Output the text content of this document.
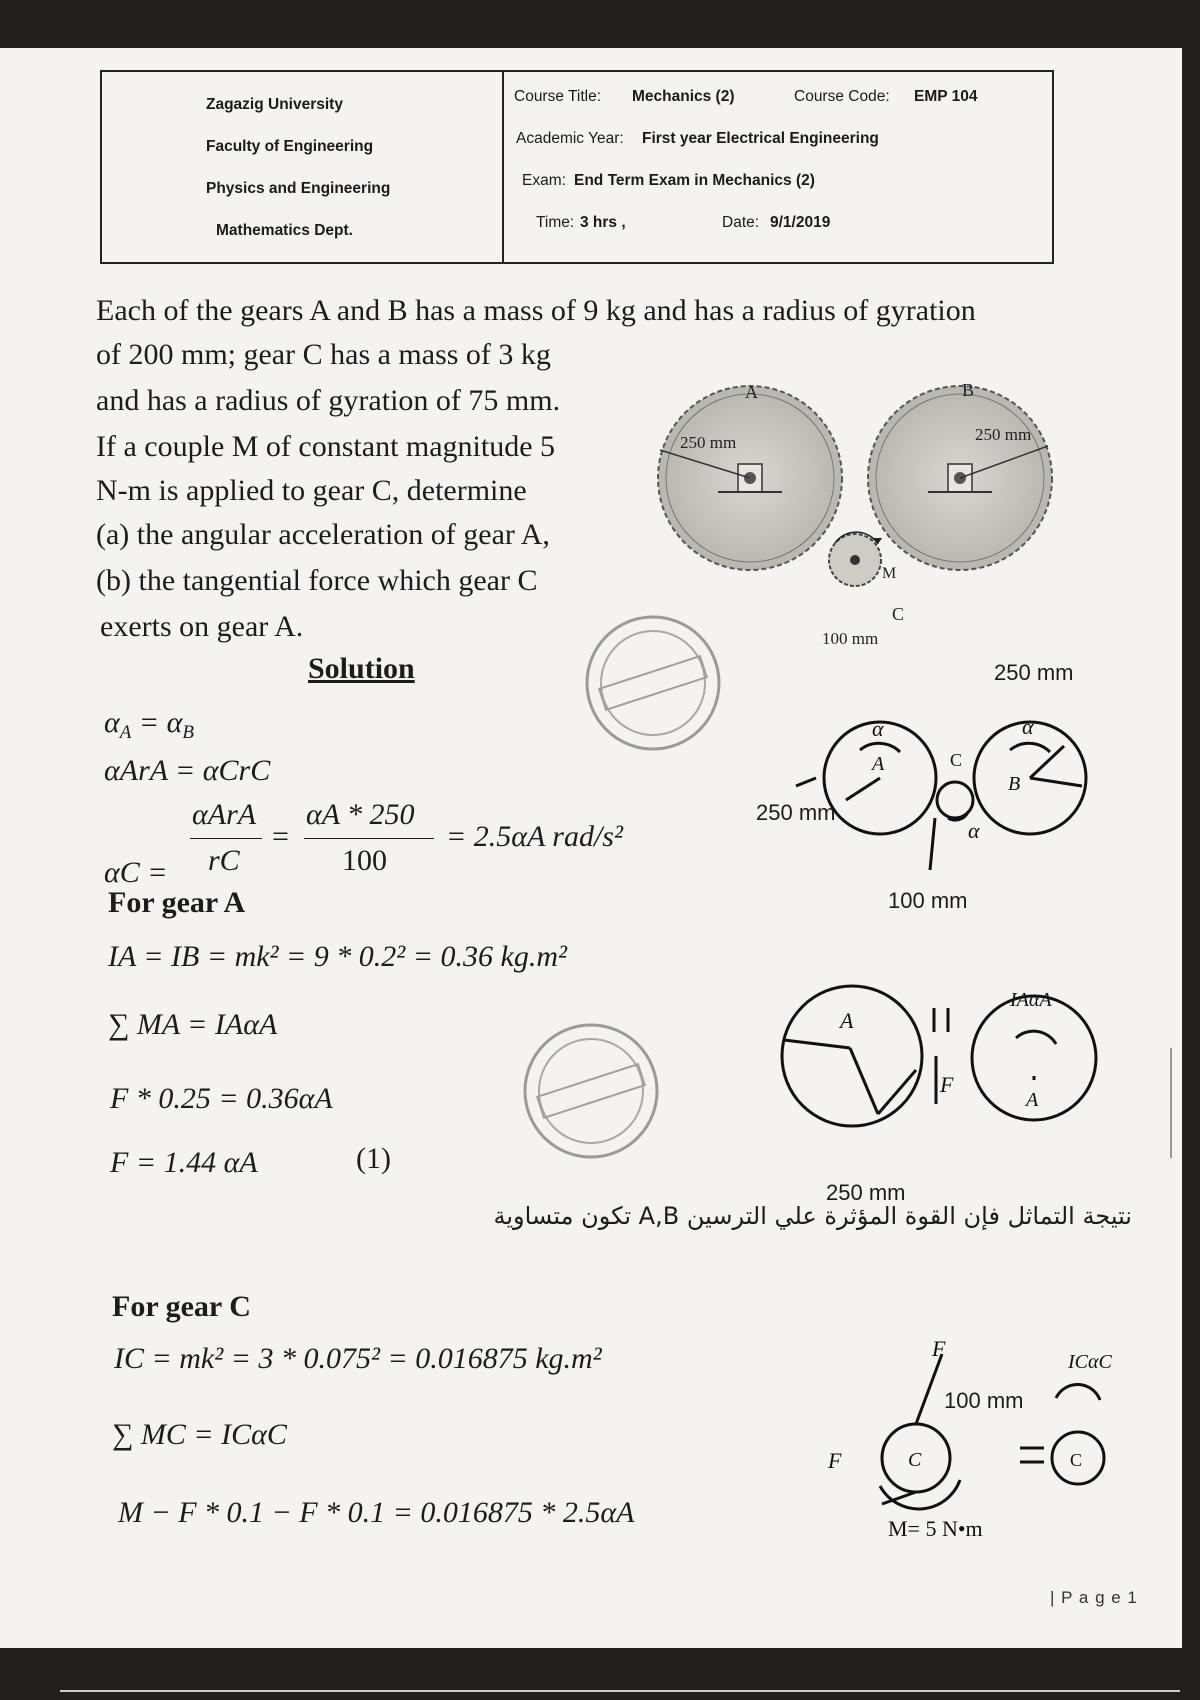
Zagazig University
Faculty of Engineering
Physics and Engineering
Mathematics Dept.
Course Title: Mechanics (2)	Course Code: EMP 104
Academic Year: First year Electrical Engineering
Exam: End Term Exam in Mechanics (2)
Time: 3 hrs ,	Date: 9/1/2019
Each of the gears A and B has a mass of 9 kg and has a radius of gyration
of 200 mm; gear C has a mass of 3 kg
and has a radius of gyration of 75 mm.
If a couple M of constant magnitude 5
N-m is applied to gear C, determine
(a) the angular acceleration of gear A,
(b) the tangential force which gear C
exerts on gear A.
A	B
C
M
250 mm	250 mm
100 mm
Solution
$\alpha_A = \alpha_B$
αArA = αCrC
αC =
αArA
rC
=
αA * 250
100
= 2.5αA rad/s²
For gear A
IA = IB = mk² = 9 * 0.2² = 0.36 kg.m²
∑ MA = IAαA
F * 0.25 = 0.36αA
F = 1.44 αA	(1)
نتيجة التماثل فإن القوة المؤثرة علي الترسين A,B تكون متساوية
For gear C
IC = mk² = 3 * 0.075² = 0.016875 kg.m²
∑ MC = ICαC
M − F * 0.1 − F * 0.1 = 0.016875 * 2.5αA
A
B
C
α	α
α
250 mm
250 mm
100 mm
A
F
IAαA
A
250 mm
F
F	C
ICαC
C
M= 5 N•m
100 mm
| P a g e 1
